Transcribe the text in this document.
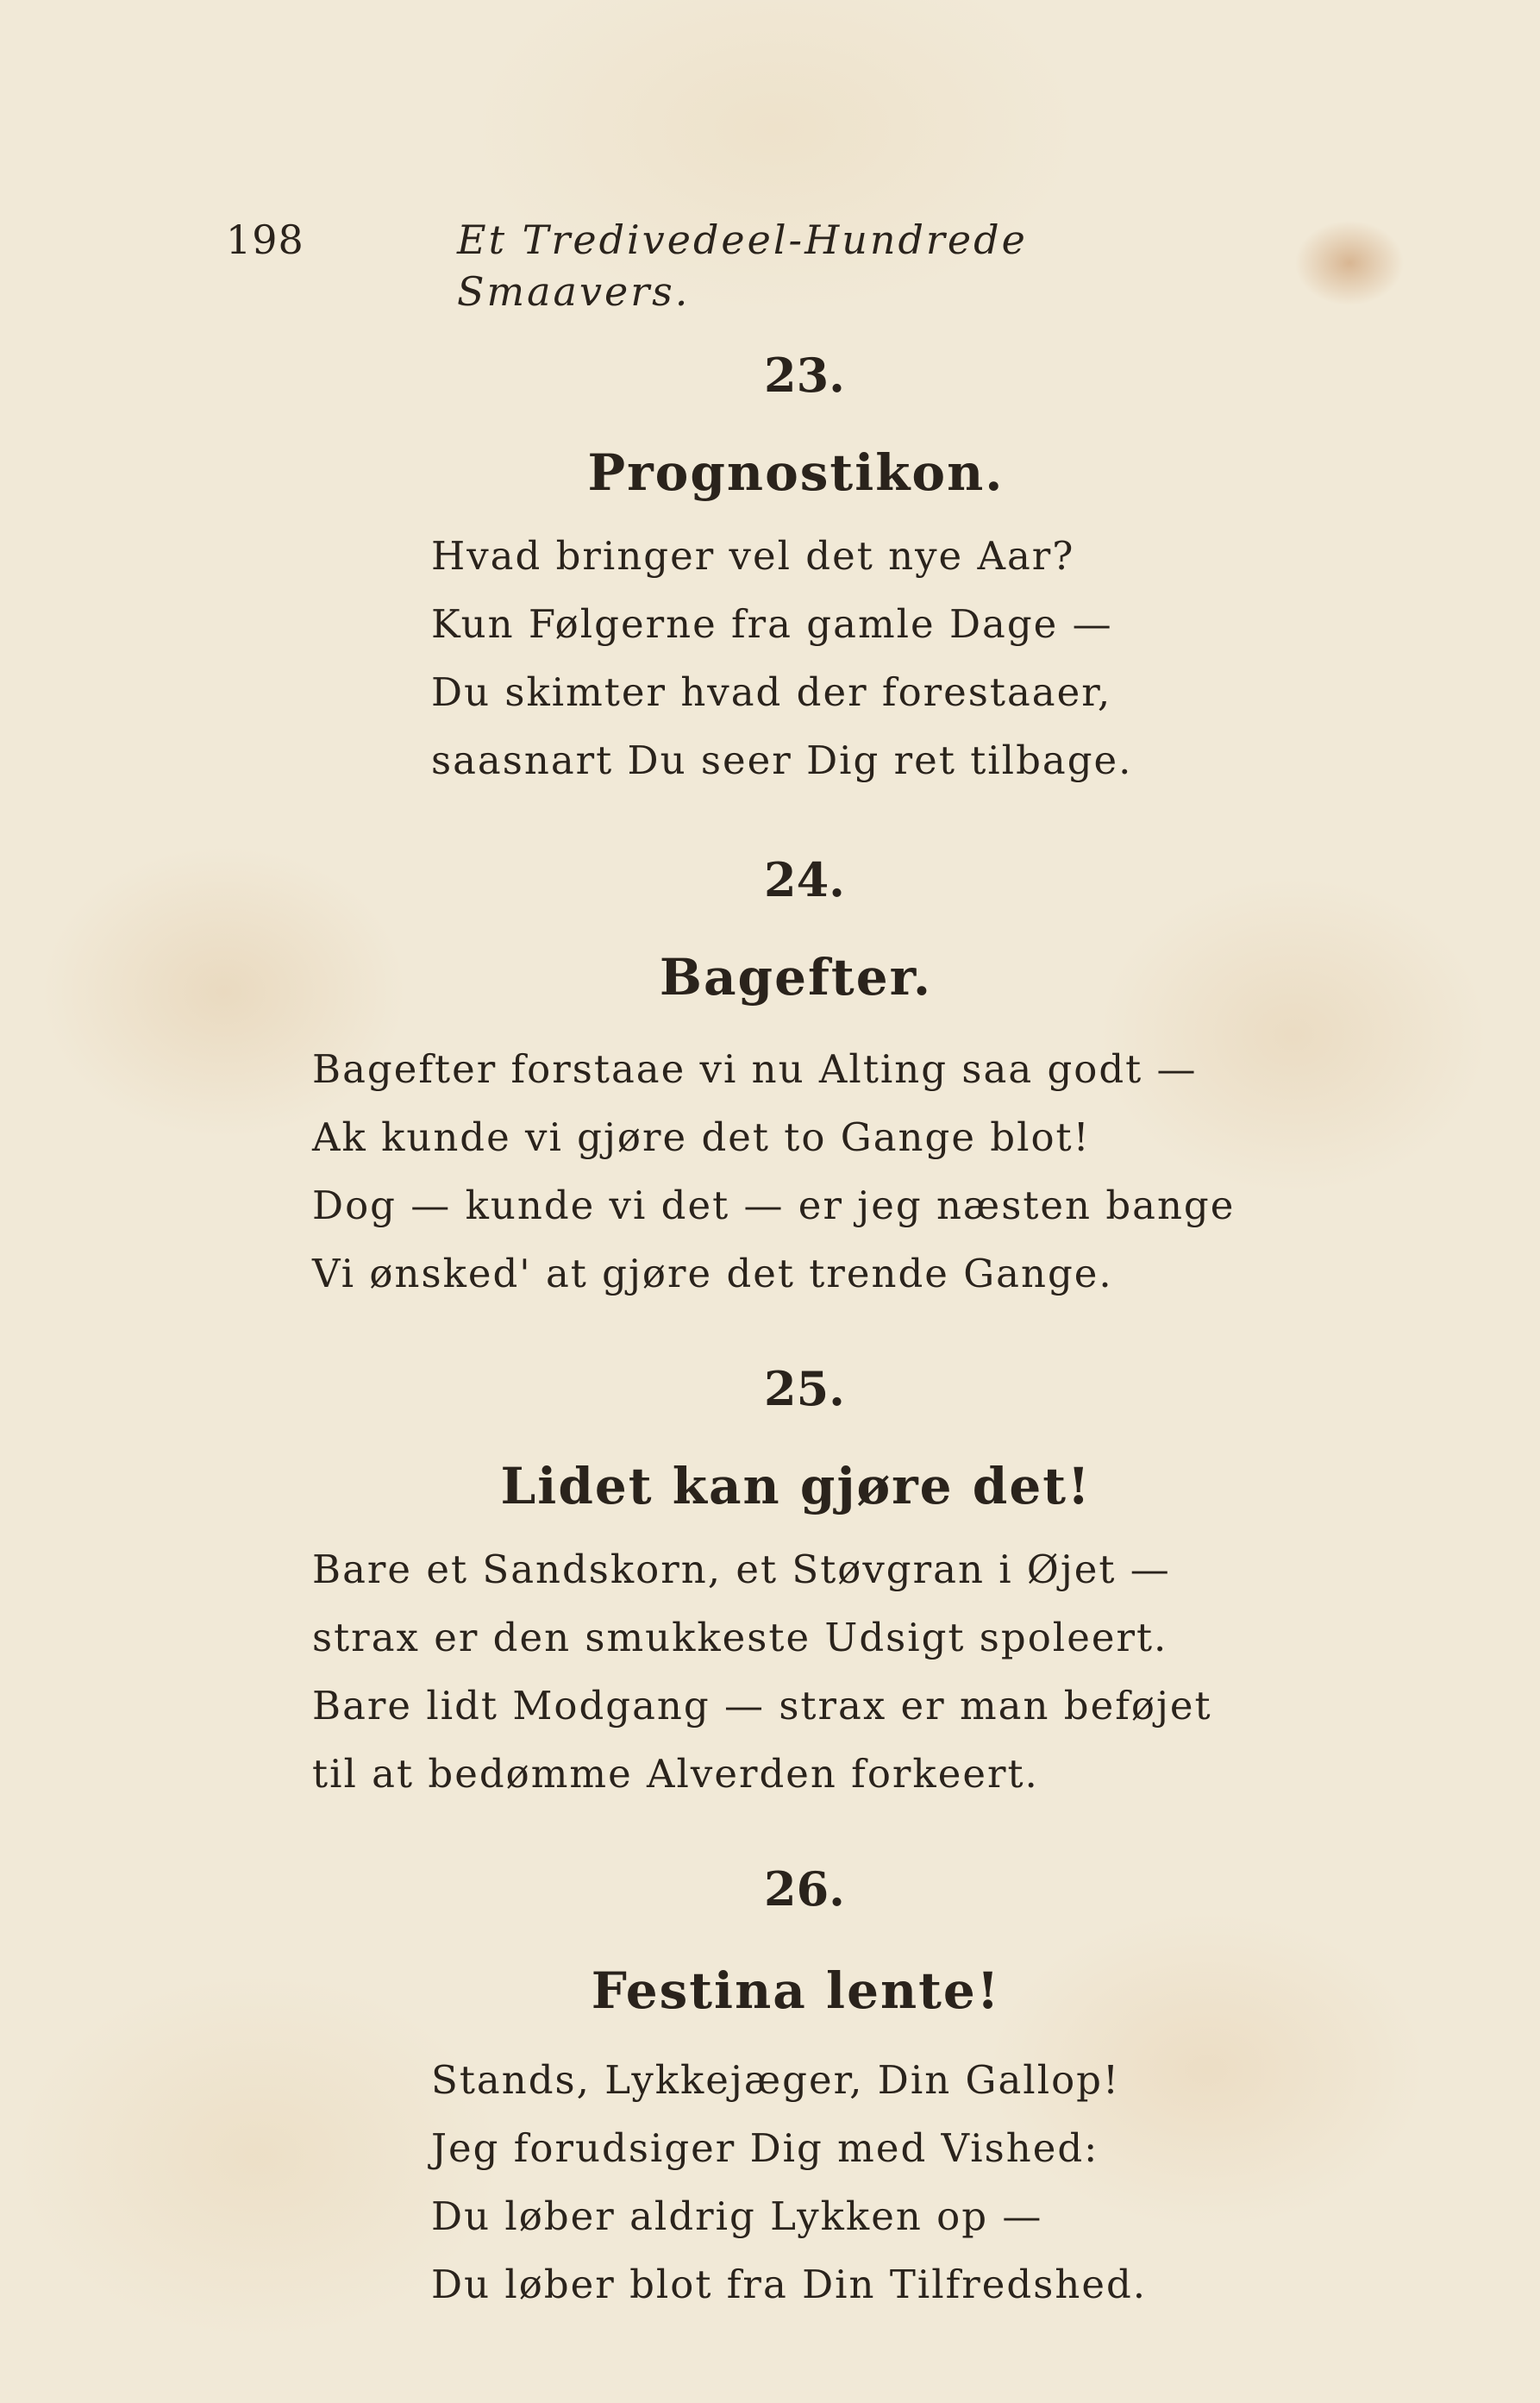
198	Et Tredivedeel-Hundrede Smaavers.
23.
Prognostikon.
Hvad bringer vel det nye Aar?
Kun Følgerne fra gamle Dage —
Du skimter hvad der forestaaer,
saasnart Du seer Dig ret tilbage.
24.
Bagefter.
Bagefter forstaae vi nu Alting saa godt —
Ak kunde vi gjøre det to Gange blot!
Dog — kunde vi det — er jeg næsten bange
Vi ønsked' at gjøre det trende Gange.
25.
Lidet kan gjøre det!
Bare et Sandskorn, et Støvgran i Øjet —
strax er den smukkeste Udsigt spoleert.
Bare lidt Modgang — strax er man beføjet
til at bedømme Alverden forkeert.
26.
Festina lente!
Stands, Lykkejæger, Din Gallop!
Jeg forudsiger Dig med Vished:
Du løber aldrig Lykken op —
Du løber blot fra Din Tilfredshed.
